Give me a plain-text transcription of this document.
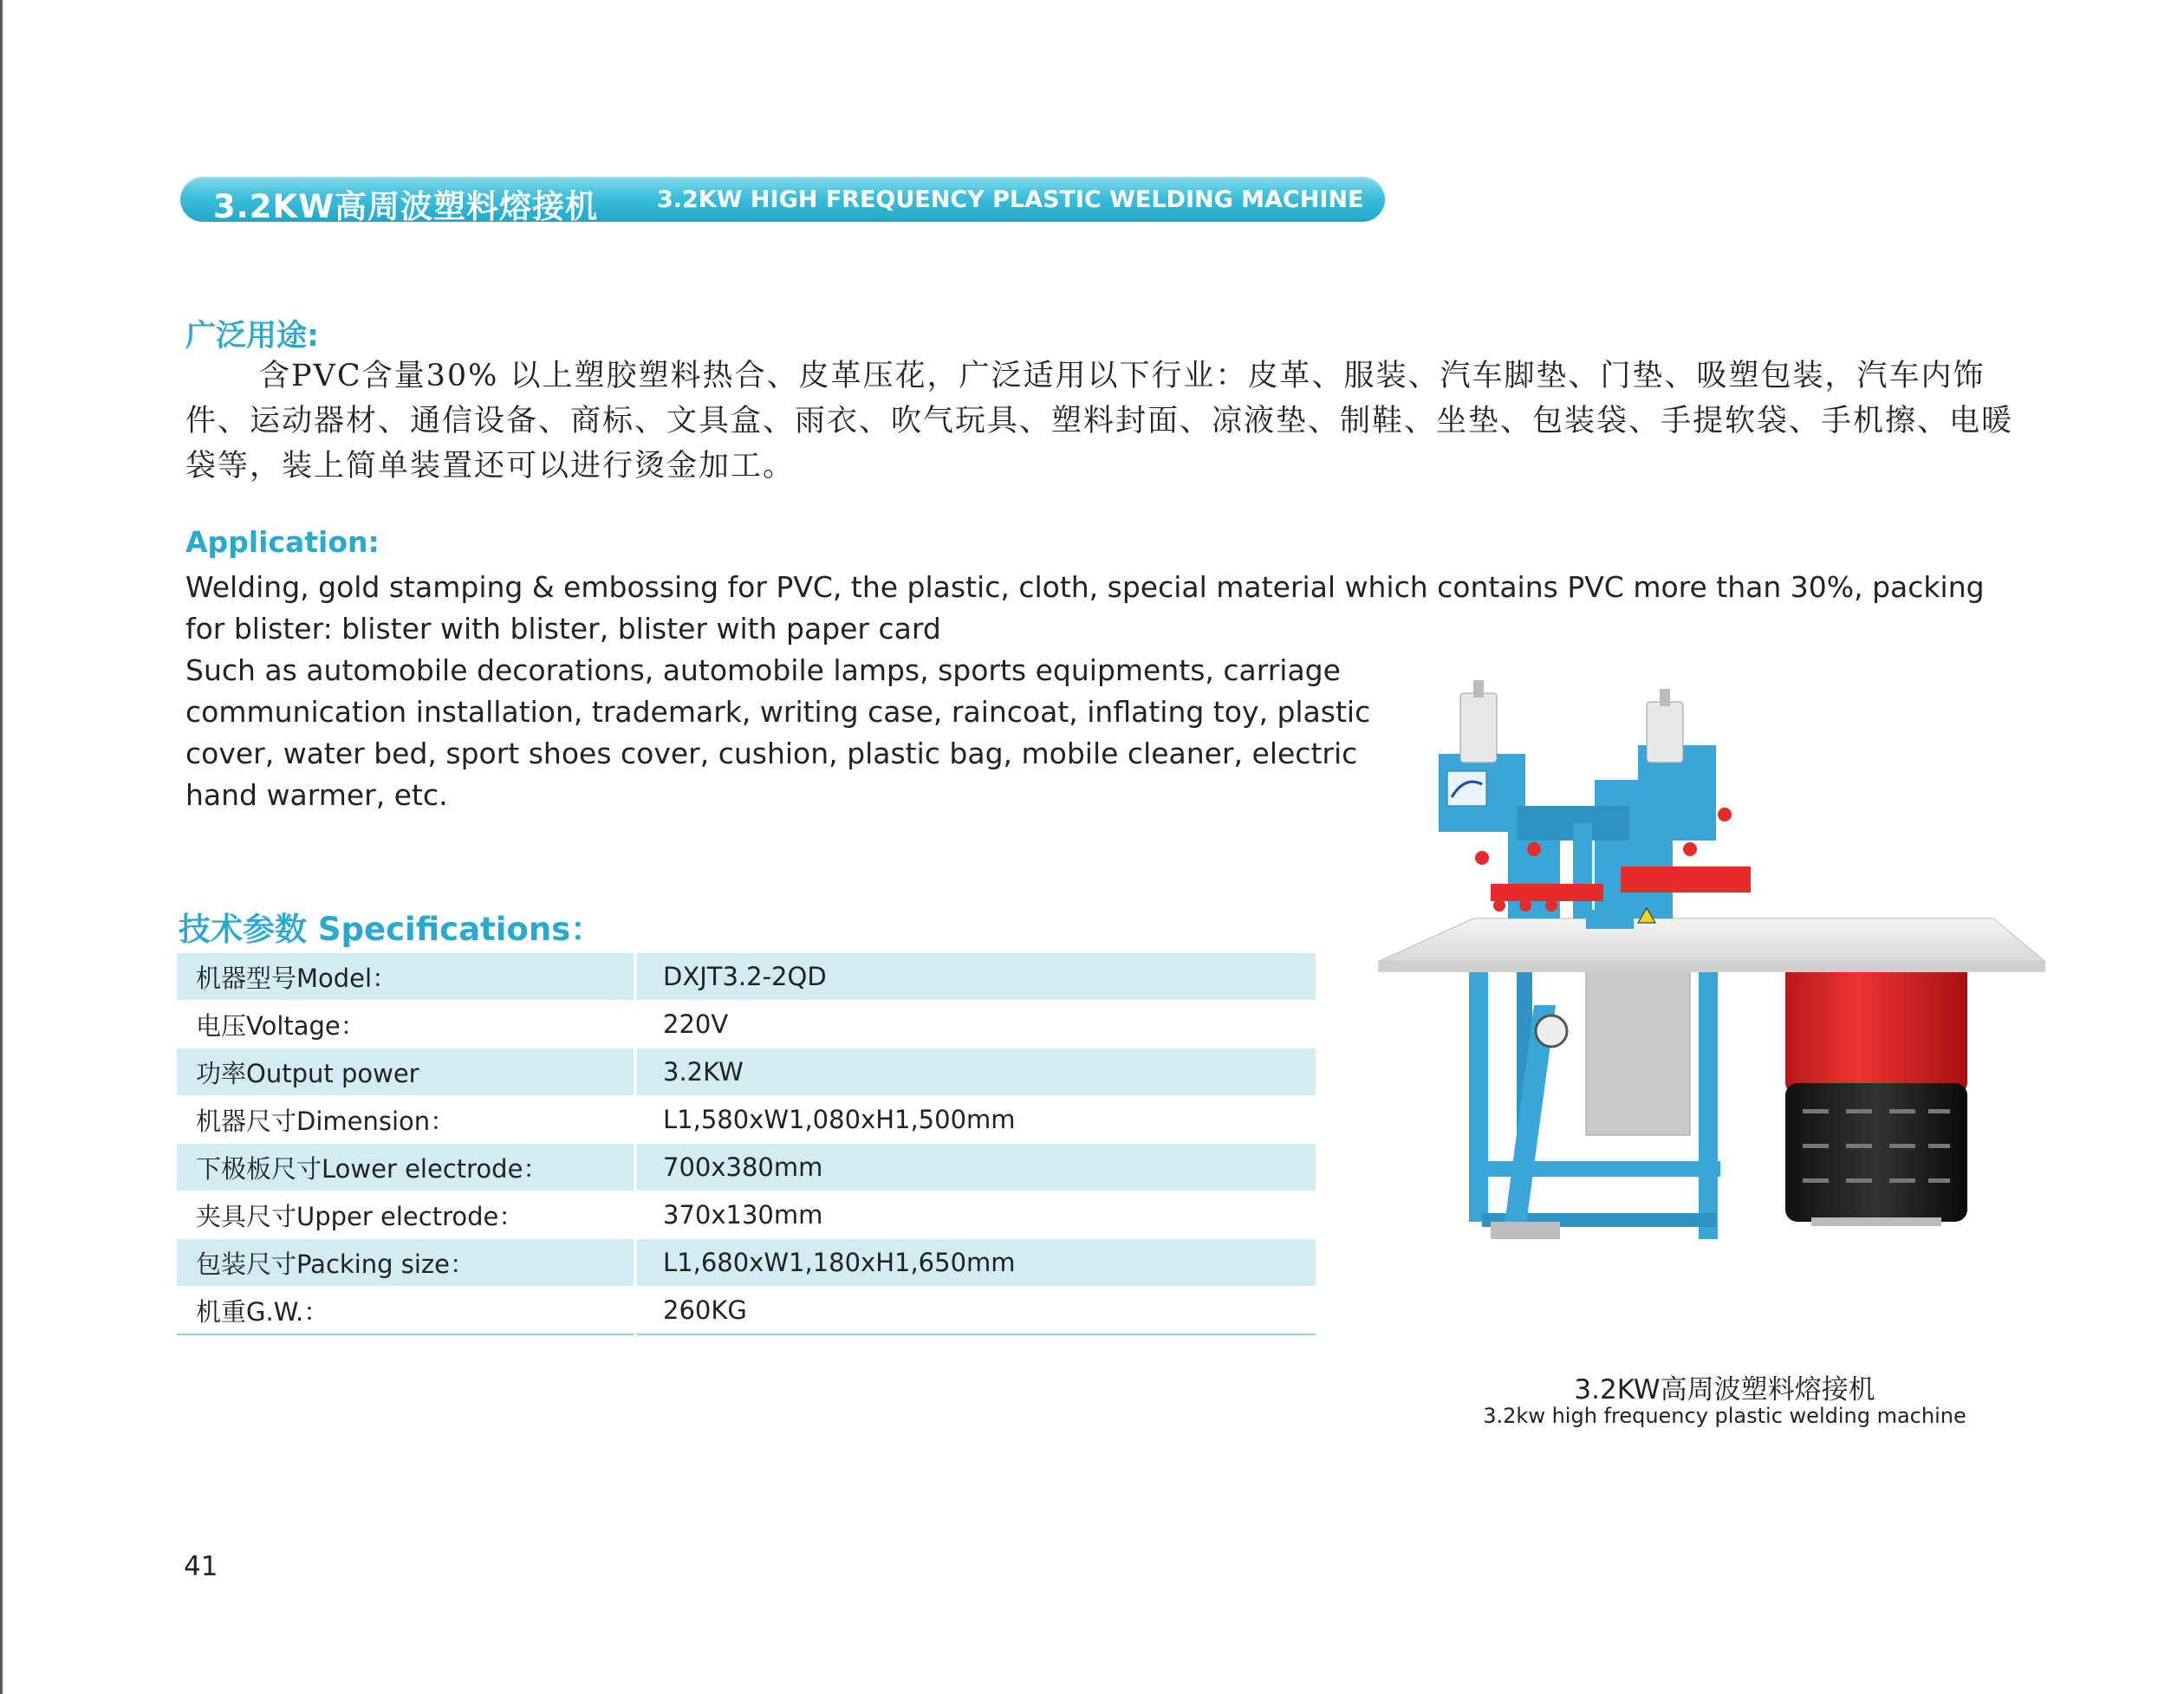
3.2KW高周波塑料熔接机	3.2KW HIGH FREQUENCY PLASTIC WELDING MACHINE
广泛用途:
含PVC含量30% 以上塑胶塑料热合、皮革压花，广泛适用以下行业：皮革、服装、汽车脚垫、门垫、吸塑包装，汽车内饰件、运动器材、通信设备、商标、文具盒、雨衣、吹气玩具、塑料封面、凉液垫、制鞋、坐垫、包装袋、手提软袋、手机擦、电暖袋等，装上简单装置还可以进行烫金加工。
Application:
Welding, gold stamping & embossing for PVC, the plastic, cloth, special material which contains PVC more than 30%, packing for blister: blister with blister, blister with paper card
Such as automobile decorations, automobile lamps, sports equipments, carriage communication installation, trademark, writing case, raincoat, inflating toy, plastic cover, water bed, sport shoes cover, cushion, plastic bag, mobile cleaner, electric hand warmer, etc.
技术参数 Specifications：
机器型号Model：	DXJT3.2-2QD
电压Voltage：	220V
功率Output power	3.2KW
机器尺寸Dimension：	L1,580xW1,080xH1,500mm
下极板尺寸Lower electrode：	700x380mm
夹具尺寸Upper electrode：	370x130mm
包装尺寸Packing size：	L1,680xW1,180xH1,650mm
机重G.W.：	260KG
3.2KW高周波塑料熔接机
3.2kw high frequency plastic welding machine
41
